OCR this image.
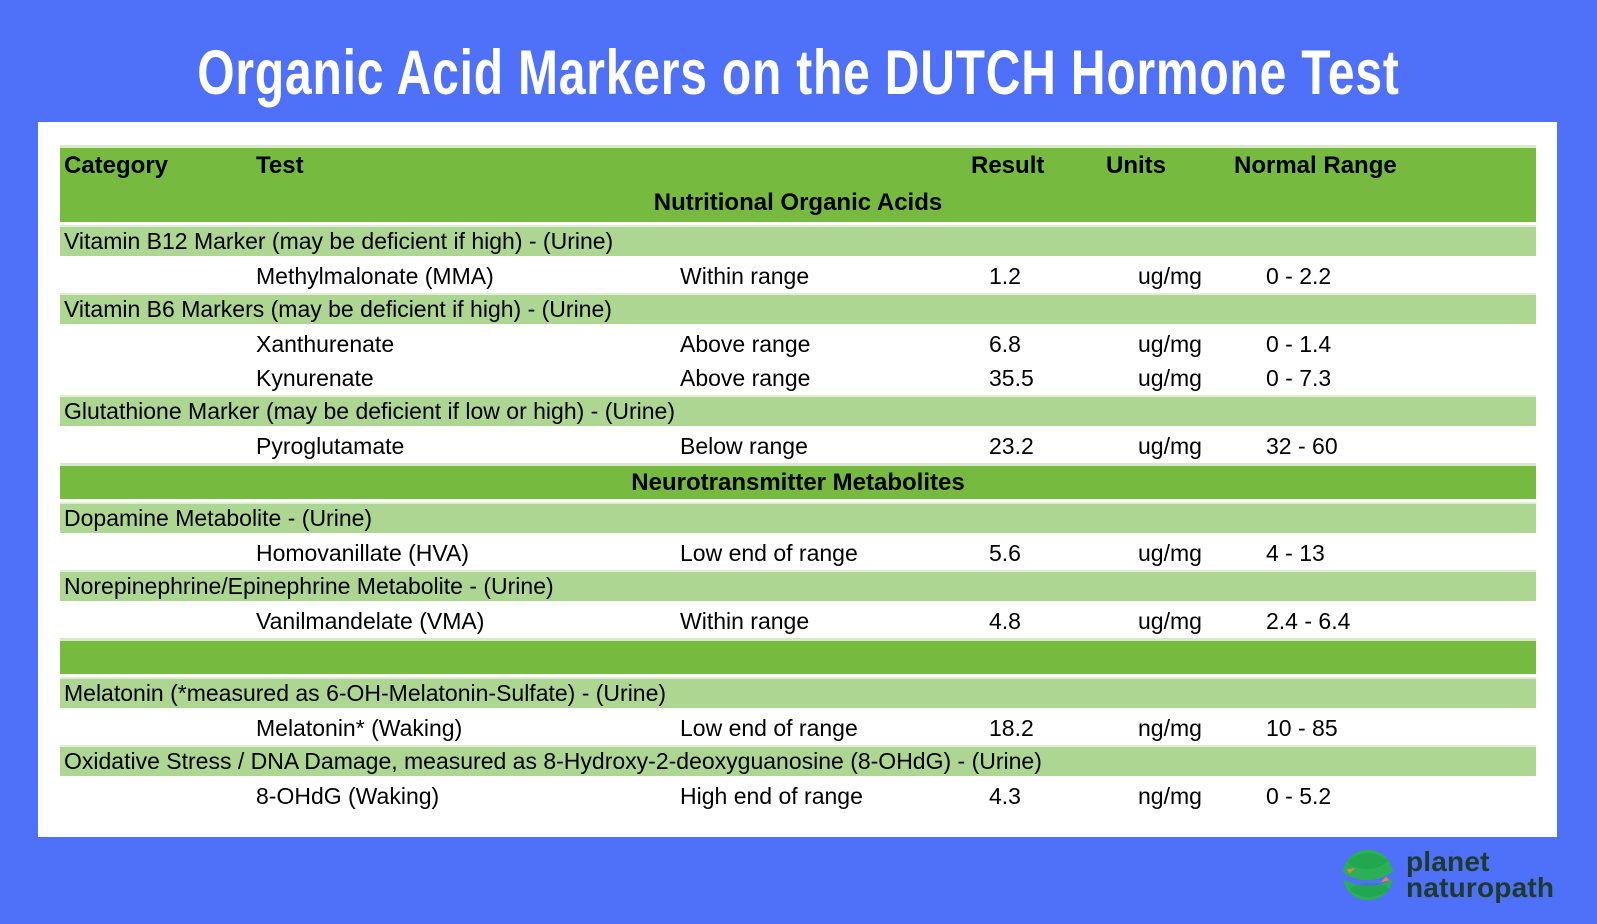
Organic Acid Markers on the DUTCH Hormone Test
Category	Test	Result	Units	Normal Range
Nutritional Organic Acids
Vitamin B12 Marker (may be deficient if high) - (Urine)
Methylmalonate (MMA)	Within range	1.2	ug/mg	0 - 2.2
Vitamin B6 Markers (may be deficient if high) - (Urine)
Xanthurenate	Above range	6.8	ug/mg	0 - 1.4
Kynurenate	Above range	35.5	ug/mg	0 - 7.3
Glutathione Marker (may be deficient if low or high) - (Urine)
Pyroglutamate	Below range	23.2	ug/mg	32 - 60
Neurotransmitter Metabolites
Dopamine Metabolite - (Urine)
Homovanillate (HVA)	Low end of range	5.6	ug/mg	4 - 13
Norepinephrine/Epinephrine Metabolite - (Urine)
Vanilmandelate (VMA)	Within range	4.8	ug/mg	2.4 - 6.4
Melatonin (*measured as 6-OH-Melatonin-Sulfate) - (Urine)
Melatonin* (Waking)	Low end of range	18.2	ng/mg	10 - 85
Oxidative Stress / DNA Damage, measured as 8-Hydroxy-2-deoxyguanosine (8-OHdG) - (Urine)
8-OHdG (Waking)	High end of range	4.3	ng/mg	0 - 5.2
planet
naturopath
